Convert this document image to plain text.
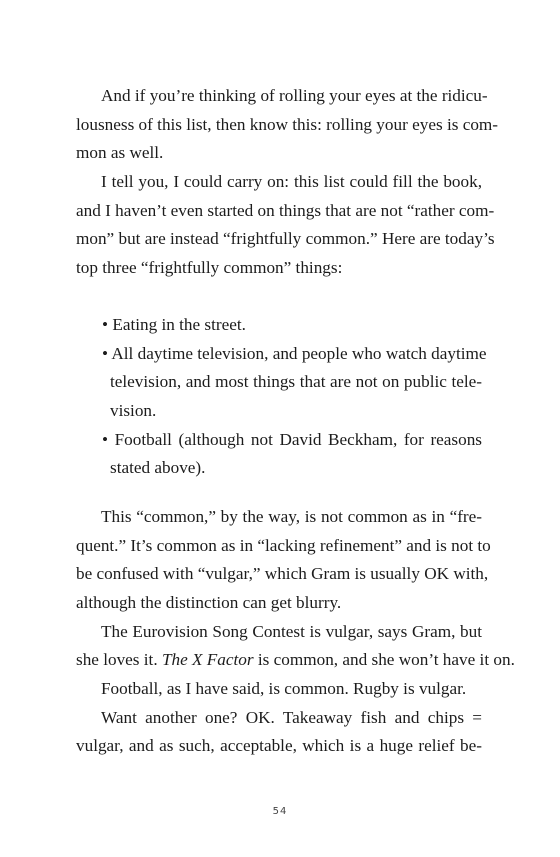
And if you’re thinking of rolling your eyes at the ridicu-
lousness of this list, then know this: rolling your eyes is com-
mon as well.
I tell you, I could carry on: this list could fill the book,
and I haven’t even started on things that are not “rather com-
mon” but are instead “frightfully common.” Here are today’s
top three “frightfully common” things:
• Eating in the street.
• All daytime television, and people who watch daytime
television, and most things that are not on public tele-
vision.
• Football (although not David Beckham, for reasons
stated above).
This “common,” by the way, is not common as in “fre-
quent.” It’s common as in “lacking refinement” and is not to
be confused with “vulgar,” which Gram is usually OK with,
although the distinction can get blurry.
The Eurovision Song Contest is vulgar, says Gram, but
she loves it. The X Factor is common, and she won’t have it on.
Football, as I have said, is common. Rugby is vulgar.
Want another one? OK. Takeaway fish and chips =
vulgar, and as such, acceptable, which is a huge relief be-
54
